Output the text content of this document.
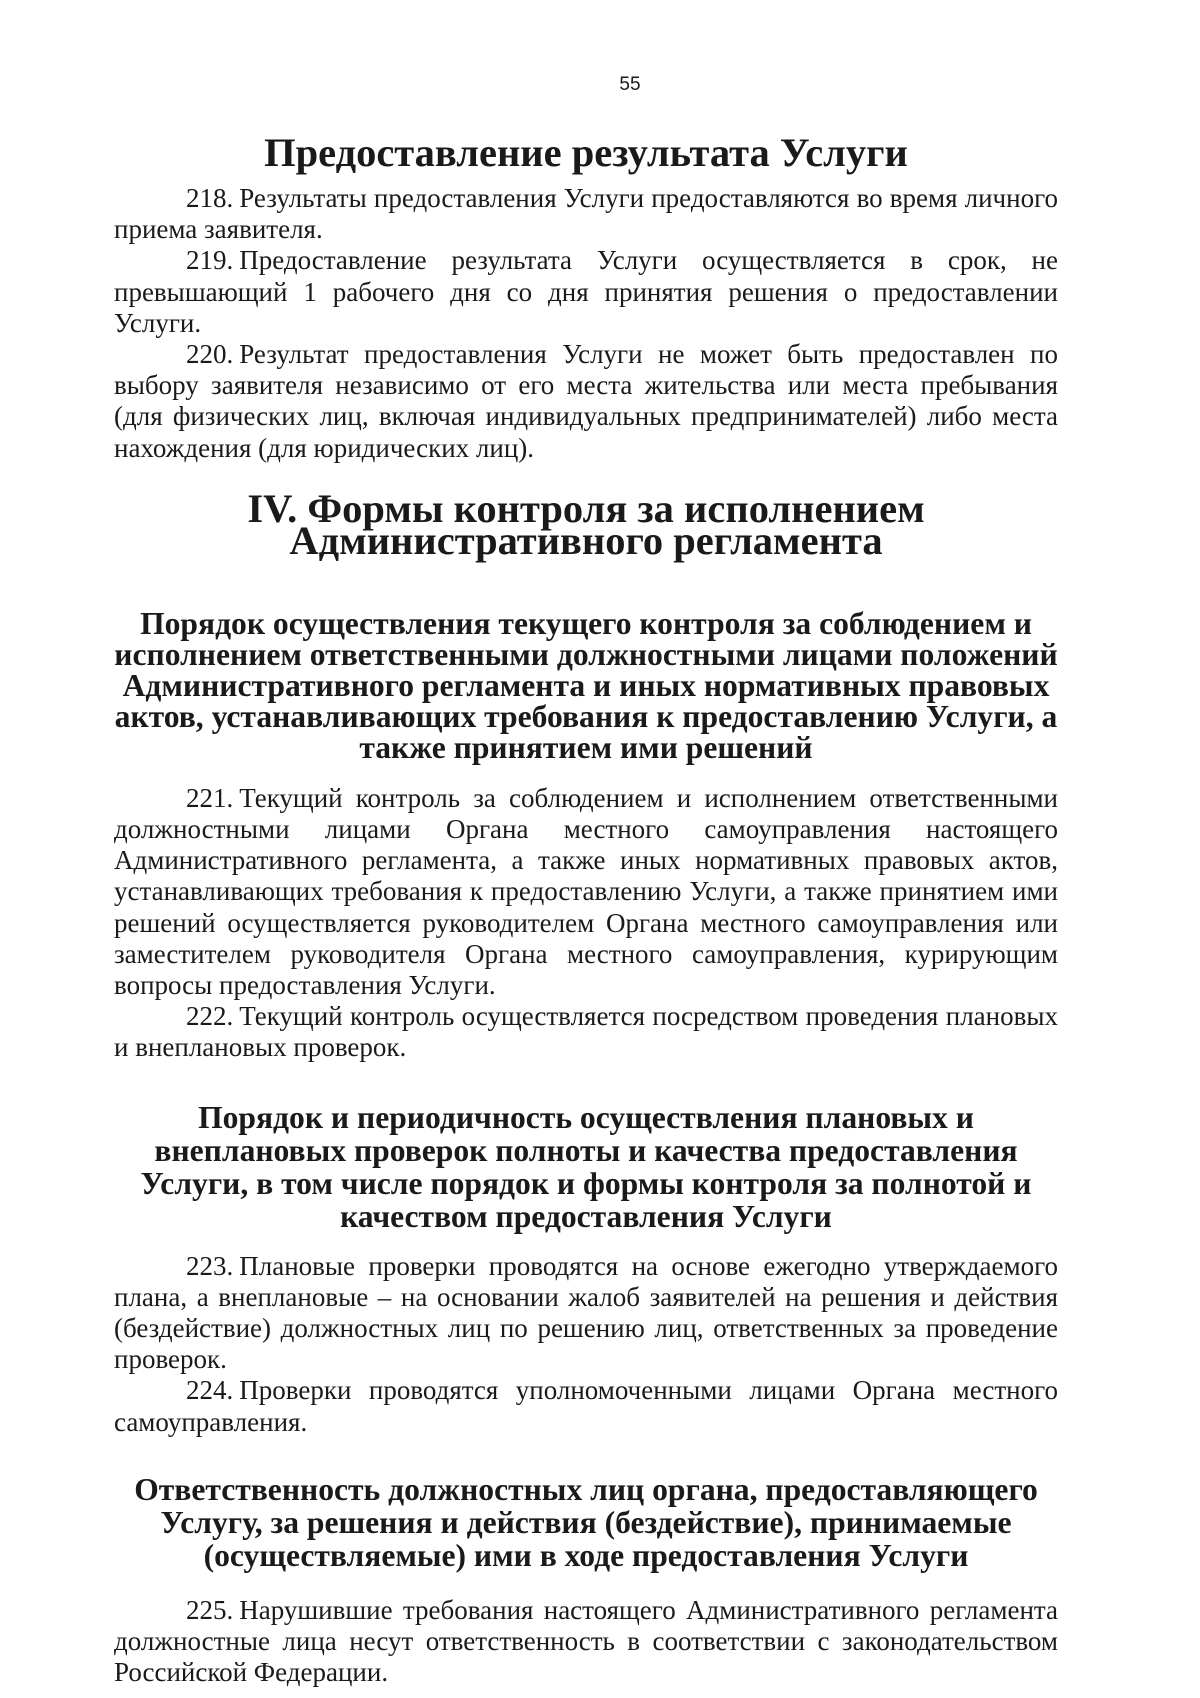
55
Предоставление результата Услуги

218. Результаты предоставления Услуги предоставляются во время личного приема заявителя.

219. Предоставление результата Услуги осуществляется в срок, не превышающий 1 рабочего дня со дня принятия решения о предоставлении Услуги.

220. Результат предоставления Услуги не может быть предоставлен по выбору заявителя независимо от его места жительства или места пребывания (для физических лиц, включая индивидуальных предпринимателей) либо места нахождения (для юридических лиц).

IV. Формы контроля за исполнением Административного регламента
Порядок осуществления текущего контроля за соблюдением и исполнением ответственными должностными лицами положений Административного регламента и иных нормативных правовых актов, устанавливающих требования к предоставлению Услуги, а также принятием ими решений

221. Текущий контроль за соблюдением и исполнением ответственными должностными лицами Органа местного самоуправления настоящего Административного регламента, а также иных нормативных правовых актов, устанавливающих требования к предоставлению Услуги, а также принятием ими решений осуществляется руководителем Органа местного самоуправления или заместителем руководителя Органа местного самоуправления, курирующим вопросы предоставления Услуги.

222. Текущий контроль осуществляется посредством проведения плановых и внеплановых проверок.

Порядок и периодичность осуществления плановых и внеплановых проверок полноты и качества предоставления Услуги, в том числе порядок и формы контроля за полнотой и качеством предоставления Услуги

223. Плановые проверки проводятся на основе ежегодно утверждаемого плана, а внеплановые – на основании жалоб заявителей на решения и действия (бездействие) должностных лиц по решению лиц, ответственных за проведение проверок.

224. Проверки проводятся уполномоченными лицами Органа местного самоуправления.

Ответственность должностных лиц органа, предоставляющего Услугу, за решения и действия (бездействие), принимаемые (осуществляемые) ими в ходе предоставления Услуги

225. Нарушившие требования настоящего Административного регламента должностные лица несут ответственность в соответствии с законодательством Российской Федерации.
